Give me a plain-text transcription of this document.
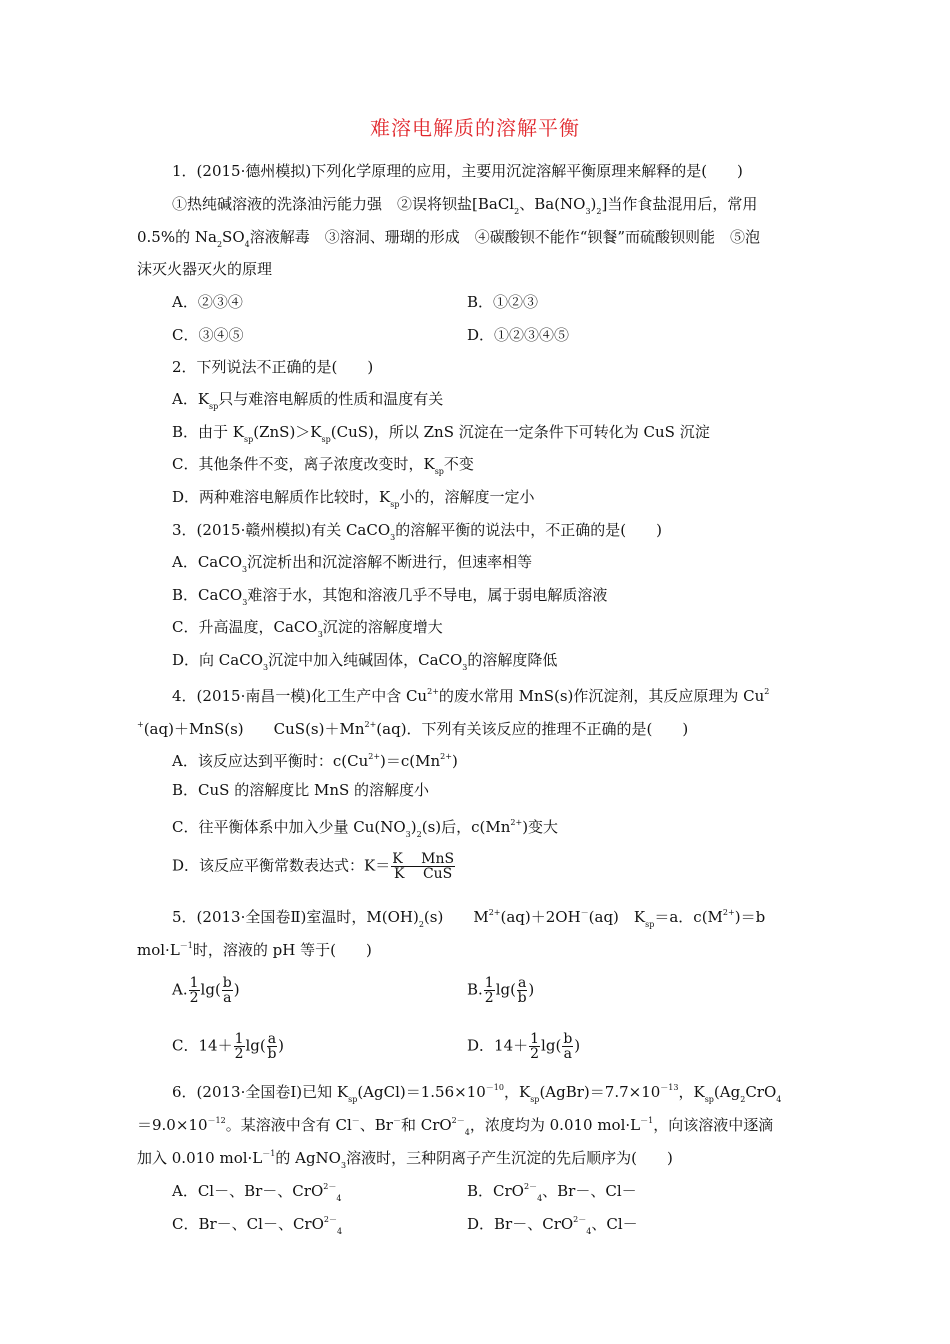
难溶电解质的溶解平衡
1．(2015·德州模拟)下列化学原理的应用，主要用沉淀溶解平衡原理来解释的是(　　)
①热纯碱溶液的洗涤油污能力强　②误将钡盐[BaCl$_2$、$Ba(NO_3)_2$]当作食盐混用后，常用
0.5%的 $Na_2SO_4$溶液解毒　③溶洞、珊瑚的形成　④碳酸钡不能作“钡餐”而硫酸钡则能　⑤泡
沫灭火器灭火的原理
A．②③④	B．①②③
C．③④⑤	D．①②③④⑤
2．下列说法不正确的是(　　)
A．$K_{sp}$只与难溶电解质的性质和温度有关
B．由于 $K_{sp}(ZnS)>K_{sp}(CuS)$，所以 ZnS 沉淀在一定条件下可转化为 CuS 沉淀
C．其他条件不变，离子浓度改变时，$K_{sp}$不变
D．两种难溶电解质作比较时，$K_{sp}$小的，溶解度一定小
3．(2015·赣州模拟)有关 CaCO$_3$的溶解平衡的说法中，不正确的是(　　)
A．CaCO$_3$沉淀析出和沉淀溶解不断进行，但速率相等
B．CaCO$_3$难溶于水，其饱和溶液几乎不导电，属于弱电解质溶液
C．升高温度，CaCO$_3$沉淀的溶解度增大
D．向 CaCO$_3$沉淀中加入纯碱固体，CaCO$_3$的溶解度降低
4．(2015·南昌一模)化工生产中含 $Cu^{2+}$的废水常用 MnS(s)作沉淀剂，其反应原理为 Cu$^2$
+(aq)＋MnS(s)　　$CuS(s)+Mn^{2+}(aq)$．下列有关该反应的推理不正确的是(　　)
A．该反应达到平衡时：$c(Cu^{2+})=c(Mn^{2+})$
B．CuS 的溶解度比 MnS 的溶解度小
C．往平衡体系中加入少量 $Cu(NO_3)_2(s)$后，$c(Mn^{2+})$变大
D．该反应平衡常数表达式：$K= \frac{\text{K　 MnS}}{\text{K　 CuS}}$
5．(2013·全国卷Ⅱ)室温时，$M(OH)_2(s)$　　$M^{2+}(aq)+2OH^-(aq)$　$K_{sp}=a$．$c(M^{2+})=b$
$mol\cdot L^{-1}$时，溶液的 pH 等于(　　)
A. $\frac{1}{2} \lg( \frac{b}{a}$ )	B. $\frac{1}{2} \lg( \frac{a}{b}$ )
C．$14+ \frac{1}{2} \lg( \frac{a}{b}$ )	D．$14+ \frac{1}{2} \lg( \frac{b}{a}$ )
6．(2013·全国卷Ⅰ)已知 $K_{sp}(AgCl)=1.56\times 10^{-10}$，$K_{sp}(AgBr)=7.7\times 10^{-13}$，$K_{sp}(Ag_2CrO_4$
$=9.0\times 10^{-12}$。某溶液中含有 Cl－、Br－和 CrO$^{2-}_4$，浓度均为 0.010 $mol\cdot L^{-1}$，向该溶液中逐滴
加入 0.010 $mol\cdot L^{-1}$的 AgNO$_3$溶液时，三种阴离子产生沉淀的先后顺序为(　　)
A．Cl－、Br－、CrO$^{2-}_4$	B．CrO$^{2-}_4$、Br－、Cl－
C．Br－、Cl－、CrO$^{2-}_4$	D．Br－、CrO$^{2-}_4$、Cl－
